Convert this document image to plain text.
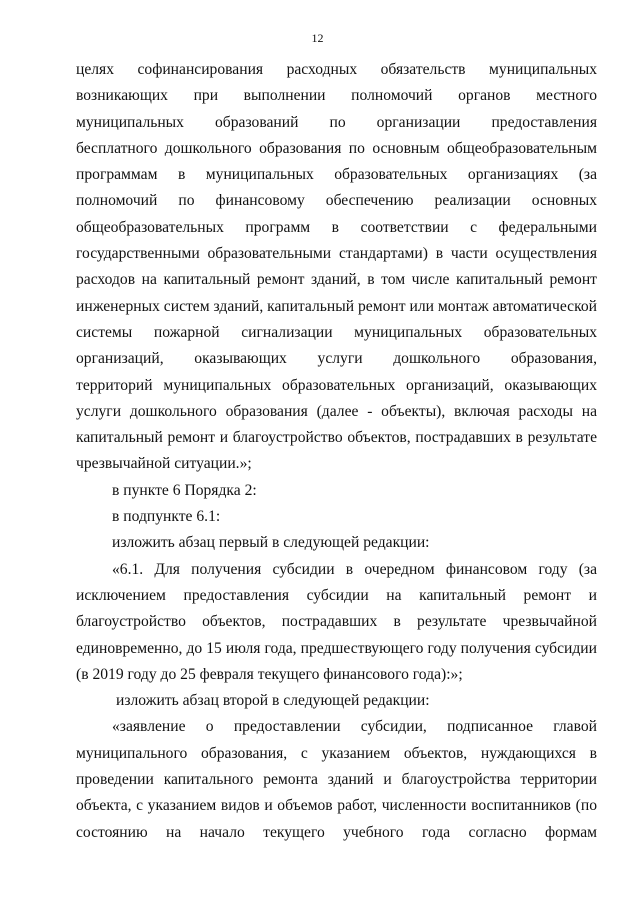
12
целях софинансирования расходных обязательств муниципальных
возникающих при выполнении полномочий органов местного
муниципальных образований по организации предоставления
бесплатного дошкольного образования по основным общеобразовательным
программам в муниципальных образовательных организациях (за
полномочий по финансовому обеспечению реализации основных
общеобразовательных программ в соответствии с федеральными
государственными образовательными стандартами) в части осуществления
расходов на капитальный ремонт зданий, в том числе капитальный ремонт
инженерных систем зданий, капитальный ремонт или монтаж автоматической
системы пожарной сигнализации муниципальных образовательных
организаций, оказывающих услуги дошкольного образования,
территорий муниципальных образовательных организаций, оказывающих
услуги дошкольного образования (далее - объекты), включая расходы на
капитальный ремонт и благоустройство объектов, пострадавших в результате
чрезвычайной ситуации.»;
в пункте 6 Порядка 2:
в подпункте 6.1:
изложить абзац первый в следующей редакции:
«6.1. Для получения субсидии в очередном финансовом году (за
исключением предоставления субсидии на капитальный ремонт и
благоустройство объектов, пострадавших в результате чрезвычайной
единовременно, до 15 июля года, предшествующего году получения субсидии
(в 2019 году до 25 февраля текущего финансового года):»;
изложить абзац второй в следующей редакции:
«заявление о предоставлении субсидии, подписанное главой
муниципального образования, с указанием объектов, нуждающихся в
проведении капитального ремонта зданий и благоустройства территории
объекта, с указанием видов и объемов работ, численности воспитанников (по
состоянию на начало текущего учебного года согласно формам
